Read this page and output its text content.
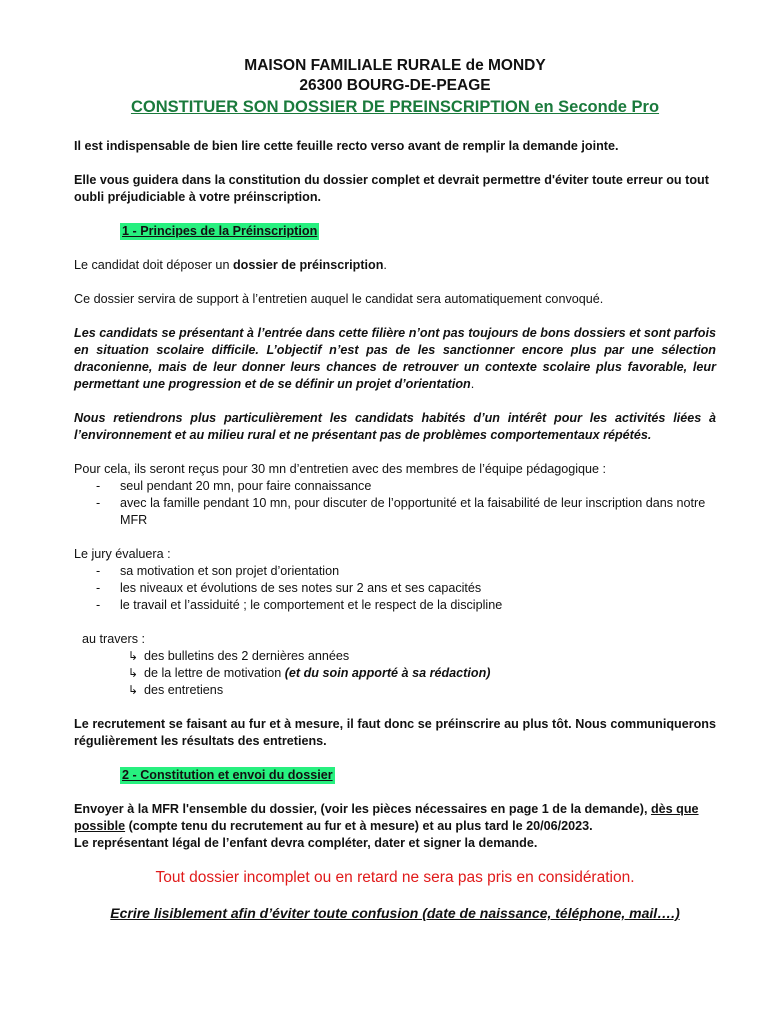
MAISON FAMILIALE RURALE de MONDY
26300 BOURG-DE-PEAGE
CONSTITUER SON DOSSIER DE PREINSCRIPTION en Seconde Pro

Il est indispensable de bien lire cette feuille recto verso avant de remplir la demande jointe.

Elle vous guidera dans la constitution du dossier complet et devrait permettre d'éviter toute erreur ou tout oubli préjudiciable à votre préinscription.

1 - Principes de la Préinscription

Le candidat doit déposer un dossier de préinscription.

Ce dossier servira de support à l’entretien auquel le candidat sera automatiquement convoqué.

Les candidats se présentant à l’entrée dans cette filière n’ont pas toujours de bons dossiers et sont parfois en situation scolaire difficile. L’objectif n’est pas de les sanctionner encore plus par une sélection draconienne, mais de leur donner leurs chances de retrouver un contexte scolaire plus favorable, leur permettant une progression et de se définir un projet d’orientation.

Nous retiendrons plus particulièrement les candidats habités d’un intérêt pour les activités liées à l’environnement et au milieu rural et ne présentant pas de problèmes comportementaux répétés.

Pour cela, ils seront reçus pour 30 mn d’entretien avec des membres de l’équipe pédagogique :

- seul pendant 20 mn, pour faire connaissance
- avec la famille pendant 10 mn, pour discuter de l’opportunité et la faisabilité de leur inscription dans notre MFR

Le jury évaluera :

- sa motivation et son projet d’orientation
- les niveaux et évolutions de ses notes sur 2 ans et ses capacités
- le travail et l’assiduité ; le comportement et le respect de la discipline

au travers :

↳ des bulletins des 2 dernières années
↳ de la lettre de motivation (et du soin apporté à sa rédaction)
↳ des entretiens

Le recrutement se faisant au fur et à mesure, il faut donc se préinscrire au plus tôt. Nous communiquerons régulièrement les résultats des entretiens.

2 - Constitution et envoi du dossier

Envoyer à la MFR l'ensemble du dossier, (voir les pièces nécessaires en page 1 de la demande), dès que possible (compte tenu du recrutement au fur et à mesure) et au plus tard le 20/06/2023.

Le représentant légal de l’enfant devra compléter, dater et signer la demande.

Tout dossier incomplet ou en retard ne sera pas pris en considération.

Ecrire lisiblement afin d’éviter toute confusion (date de naissance, téléphone, mail….)
